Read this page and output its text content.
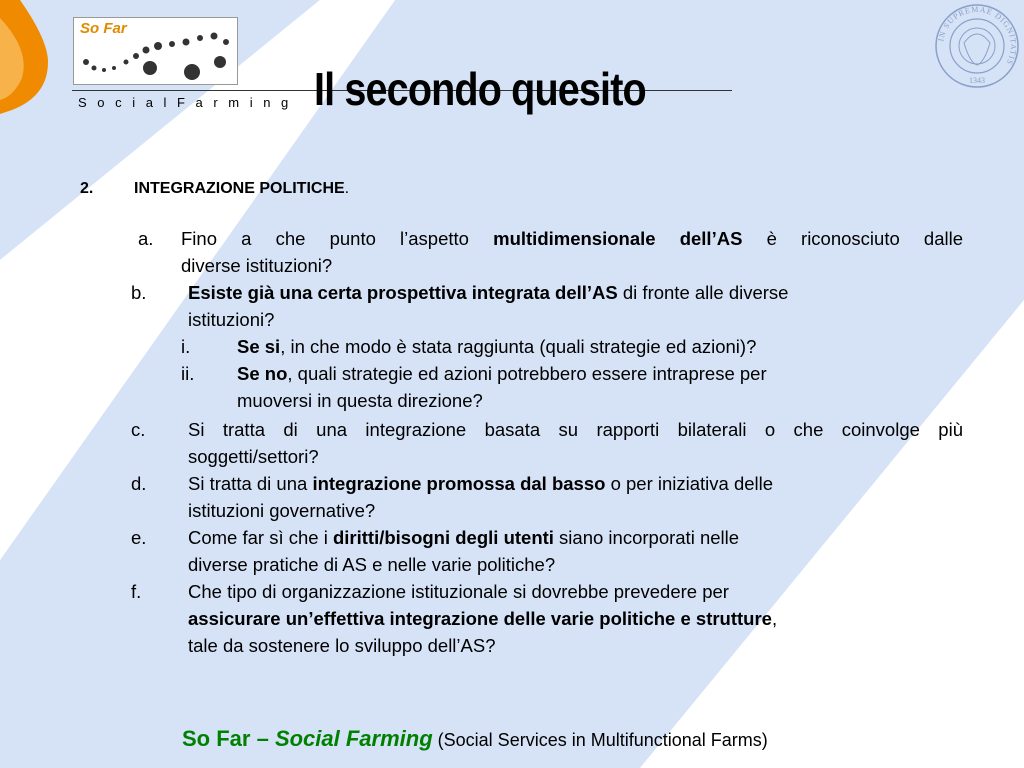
So Far
SocialFarming Il secondo quesito
IN SUPREMAE DIGNITATIS
1343
2.	INTEGRAZIONE POLITICHE.
a. Fino a che punto l’aspetto multidimensionale dell’AS è riconosciuto dalle
diverse istituzioni?
b. Esiste già una certa prospettiva integrata dell’AS di fronte alle diverse
istituzioni?
i.	Se si, in che modo è stata raggiunta (quali strategie ed azioni)?
ii. Se no, quali strategie ed azioni potrebbero essere intraprese per
muoversi in questa direzione?
c. Si tratta di una integrazione basata su rapporti bilaterali o che coinvolge più
soggetti/settori?
d. Si tratta di una integrazione promossa dal basso o per iniziativa delle
istituzioni governative?
e. Come far sì che i diritti/bisogni degli utenti siano incorporati nelle
diverse pratiche di AS e nelle varie politiche?
f.	Che tipo di organizzazione istituzionale si dovrebbe prevedere per
assicurare un’effettiva integrazione delle varie politiche e strutture,
tale da sostenere lo sviluppo dell’AS?
So Far – Social Farming (Social Services in Multifunctional Farms)
